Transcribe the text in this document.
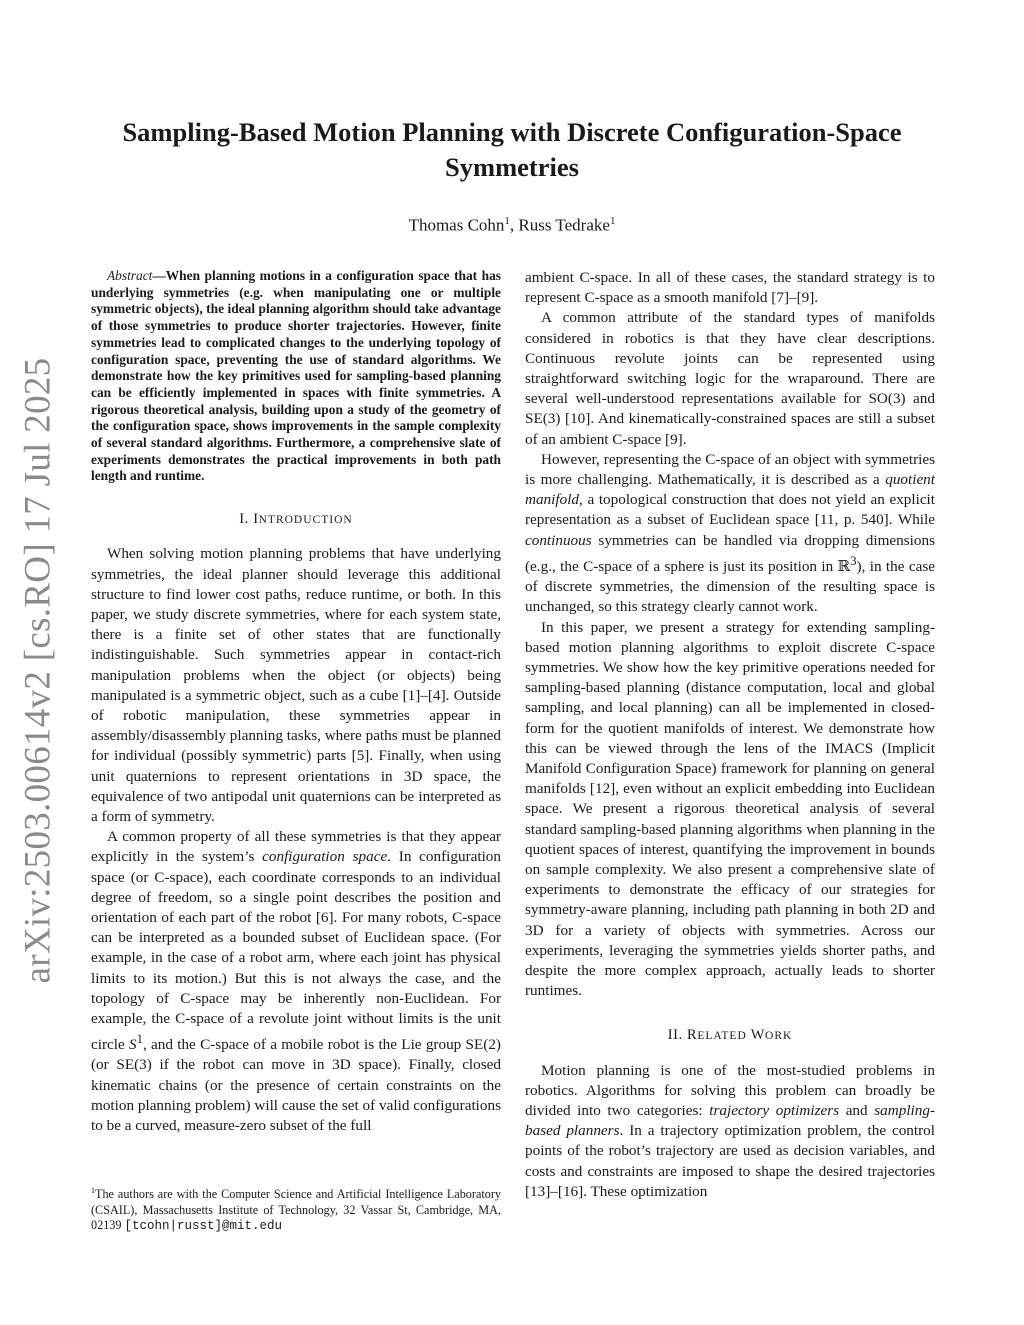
arXiv:2503.00614v2 [cs.RO] 17 Jul 2025
Sampling-Based Motion Planning with Discrete Configuration-Space
Symmetries
Thomas Cohn$^1$, Russ Tedrake$^1$

Abstract—When planning motions in a configuration space that has underlying symmetries (e.g. when manipulating one or multiple symmetric objects), the ideal planning algorithm should take advantage of those symmetries to produce shorter trajectories. However, finite symmetries lead to complicated changes to the underlying topology of configuration space, preventing the use of standard algorithms. We demonstrate how the key primitives used for sampling-based planning can be efficiently implemented in spaces with finite symmetries. A rigorous theoretical analysis, building upon a study of the geometry of the configuration space, shows improvements in the sample complexity of several standard algorithms. Furthermore, a comprehensive slate of experiments demonstrates the practical improvements in both path length and runtime.

I. INTRODUCTION

When solving motion planning problems that have underlying symmetries, the ideal planner should leverage this additional structure to find lower cost paths, reduce runtime, or both. In this paper, we study discrete symmetries, where for each system state, there is a finite set of other states that are functionally indistinguishable. Such symmetries appear in contact-rich manipulation problems when the object (or objects) being manipulated is a symmetric object, such as a cube [1]–[4]. Outside of robotic manipulation, these symmetries appear in assembly/disassembly planning tasks, where paths must be planned for individual (possibly symmetric) parts [5]. Finally, when using unit quaternions to represent orientations in 3D space, the equivalence of two antipodal unit quaternions can be interpreted as a form of symmetry.

A common property of all these symmetries is that they appear explicitly in the system’s configuration space. In configuration space (or C-space), each coordinate corresponds to an individual degree of freedom, so a single point describes the position and orientation of each part of the robot [6]. For many robots, C-space can be interpreted as a bounded subset of Euclidean space. (For example, in the case of a robot arm, where each joint has physical limits to its motion.) But this is not always the case, and the topology of C-space may be inherently non-Euclidean. For example, the C-space of a revolute joint without limits is the unit circle $S^1$, and the C-space of a mobile robot is the Lie group SE(2) (or SE(3) if the robot can move in 3D space). Finally, closed kinematic chains (or the presence of certain constraints on the motion planning problem) will cause the set of valid configurations to be a curved, measure-zero subset of the full

ambient C-space. In all of these cases, the standard strategy is to represent C-space as a smooth manifold [7]–[9].

A common attribute of the standard types of manifolds considered in robotics is that they have clear descriptions. Continuous revolute joints can be represented using straightforward switching logic for the wraparound. There are several well-understood representations available for SO(3) and SE(3) [10]. And kinematically-constrained spaces are still a subset of an ambient C-space [9].

However, representing the C-space of an object with symmetries is more challenging. Mathematically, it is described as a quotient manifold, a topological construction that does not yield an explicit representation as a subset of Euclidean space [11, p. 540]. While continuous symmetries can be handled via dropping dimensions (e.g., the C-space of a sphere is just its position in ℝ$^3$), in the case of discrete symmetries, the dimension of the resulting space is unchanged, so this strategy clearly cannot work.

In this paper, we present a strategy for extending sampling-based motion planning algorithms to exploit discrete C-space symmetries. We show how the key primitive operations needed for sampling-based planning (distance computation, local and global sampling, and local planning) can all be implemented in closed-form for the quotient manifolds of interest. We demonstrate how this can be viewed through the lens of the IMACS (Implicit Manifold Configuration Space) framework for planning on general manifolds [12], even without an explicit embedding into Euclidean space. We present a rigorous theoretical analysis of several standard sampling-based planning algorithms when planning in the quotient spaces of interest, quantifying the improvement in bounds on sample complexity. We also present a comprehensive slate of experiments to demonstrate the efficacy of our strategies for symmetry-aware planning, including path planning in both 2D and 3D for a variety of objects with symmetries. Across our experiments, leveraging the symmetries yields shorter paths, and despite the more complex approach, actually leads to shorter runtimes.

II. RELATED WORK

Motion planning is one of the most-studied problems in robotics. Algorithms for solving this problem can broadly be divided into two categories: trajectory optimizers and sampling-based planners. In a trajectory optimization problem, the control points of the robot’s trajectory are used as decision variables, and costs and constraints are imposed to shape the desired trajectories [13]–[16]. These optimization

$^1$The authors are with the Computer Science and Artificial Intelligence Laboratory (CSAIL), Massachusetts Institute of Technology, 32 Vassar St, Cambridge, MA, 02139 [tcohn|russt]@mit.edu
